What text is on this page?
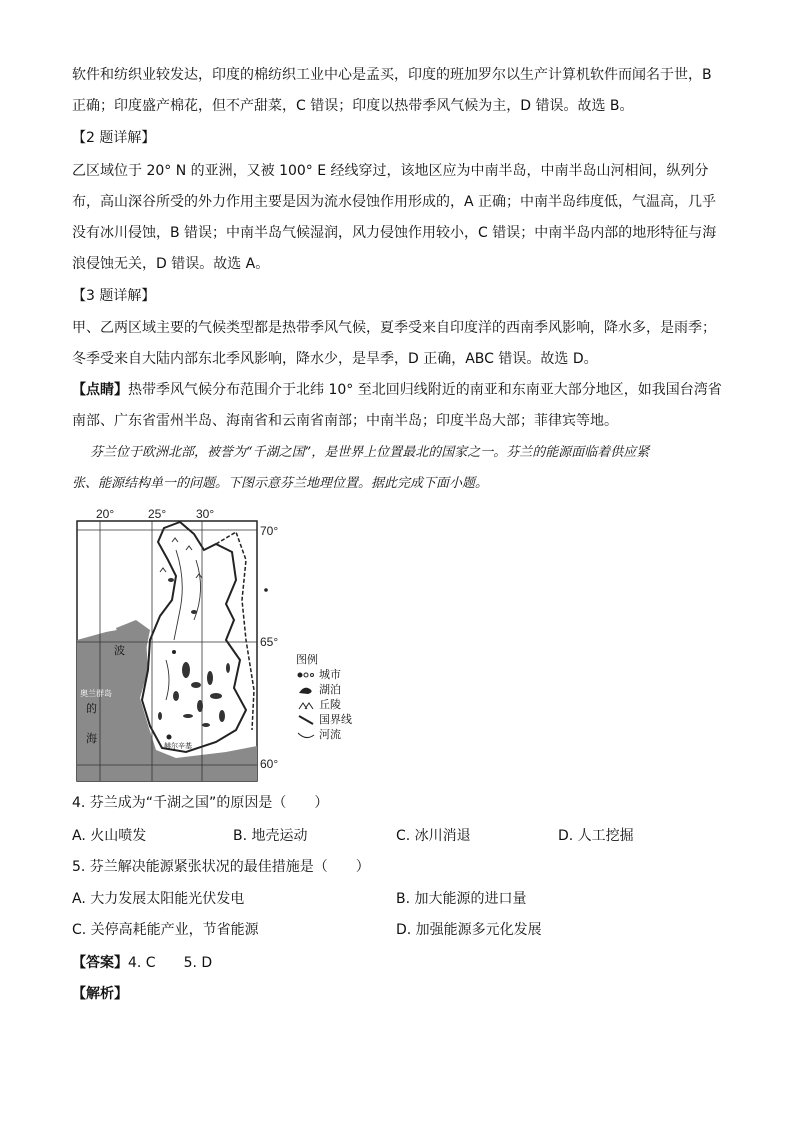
软件和纺织业较发达，印度的棉纺织工业中心是孟买，印度的班加罗尔以生产计算机软件而闻名于世，B
正确；印度盛产棉花，但不产甜菜，C 错误；印度以热带季风气候为主，D 错误。故选 B。
【2 题详解】
乙区域位于 20° N 的亚洲，又被 100° E 经线穿过，该地区应为中南半岛，中南半岛山河相间，纵列分
布，高山深谷所受的外力作用主要是因为流水侵蚀作用形成的，A 正确；中南半岛纬度低，气温高，几乎
没有冰川侵蚀，B 错误；中南半岛气候湿润，风力侵蚀作用较小，C 错误；中南半岛内部的地形特征与海
浪侵蚀无关，D 错误。故选 A。
【3 题详解】
甲、乙两区域主要的气候类型都是热带季风气候，夏季受来自印度洋的西南季风影响，降水多，是雨季；
冬季受来自大陆内部东北季风影响，降水少，是旱季，D 正确，ABC 错误。故选 D。
【点睛】热带季风气候分布范围介于北纬 10° 至北回归线附近的南亚和东南亚大部分地区，如我国台湾省
南部、广东省雷州半岛、海南省和云南省南部；中南半岛；印度半岛大部；菲律宾等地。
芬兰位于欧洲北部，被誉为“千湖之国”，是世界上位置最北的国家之一。芬兰的能源面临着供应紧
张、能源结构单一的问题。下图示意芬兰地理位置。据此完成下面小题。
20°	25° 30°
70°
65°
60°
波
的
海
奥兰群岛
赫尔辛基
图例
城市
湖泊
丘陵
国界线
河流
4. 芬兰成为“千湖之国”的原因是（　　）
A. 火山喷发	B. 地壳运动	C. 冰川消退	D. 人工挖掘
5. 芬兰解决能源紧张状况的最佳措施是（　　）
A. 大力发展太阳能光伏发电	B. 加大能源的进口量
C. 关停高耗能产业，节省能源	D. 加强能源多元化发展
【答案】4. C　　5. D
【解析】
